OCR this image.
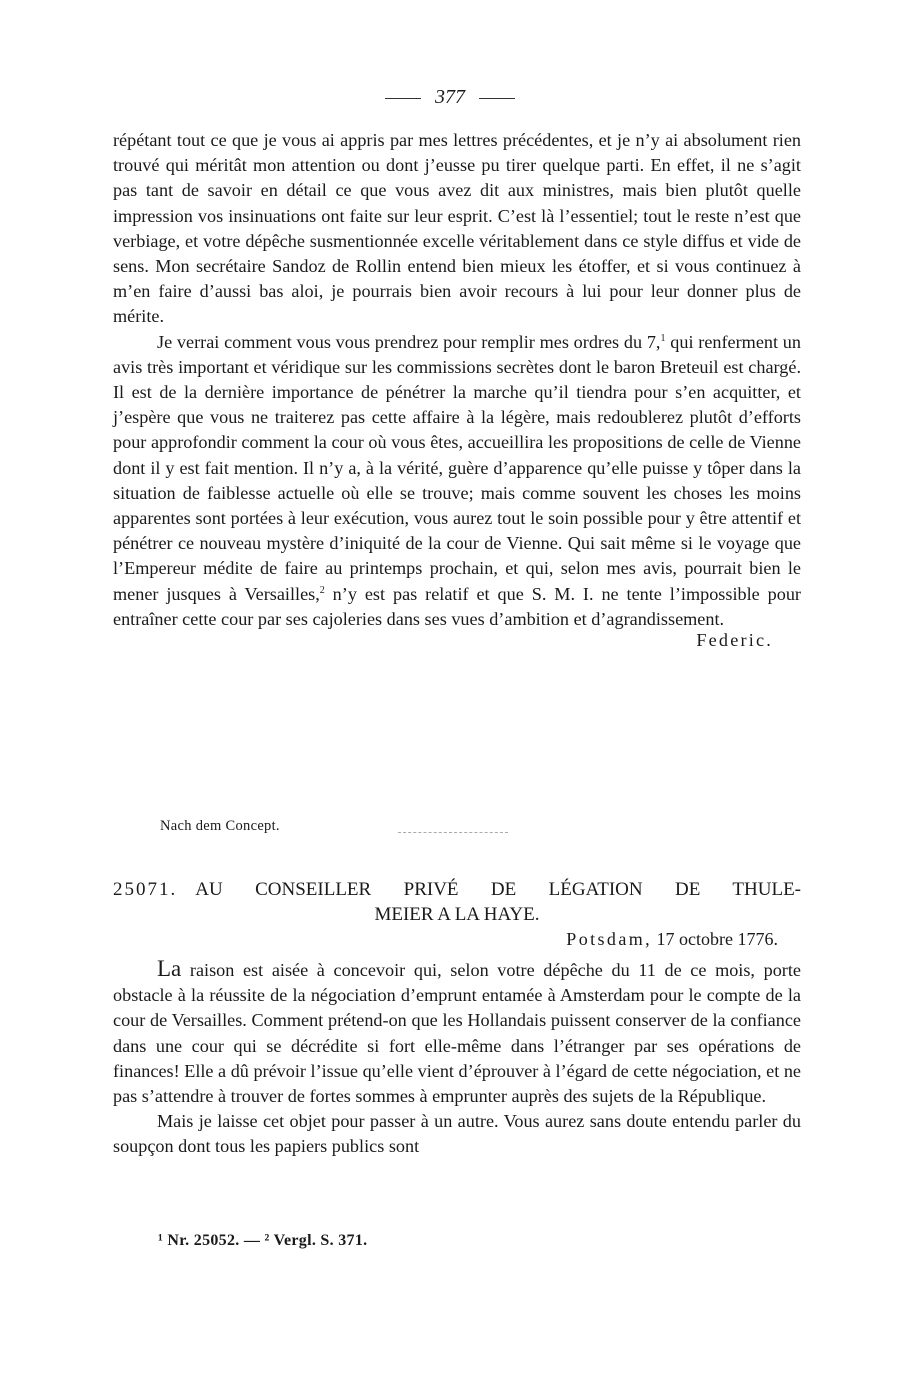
377

répétant tout ce que je vous ai appris par mes lettres précédentes, et je n’y ai absolument rien trouvé qui méritât mon attention ou dont j’eusse pu tirer quelque parti. En effet, il ne s’agit pas tant de savoir en détail ce que vous avez dit aux ministres, mais bien plutôt quelle impression vos insinuations ont faite sur leur esprit. C’est là l’essentiel; tout le reste n’est que verbiage, et votre dépêche susmentionnée excelle véritablement dans ce style diffus et vide de sens. Mon secrétaire Sandoz de Rollin entend bien mieux les étoffer, et si vous continuez à m’en faire d’aussi bas aloi, je pourrais bien avoir recours à lui pour leur donner plus de mérite.

Je verrai comment vous vous prendrez pour remplir mes ordres du 7,$^1$ qui renferment un avis très important et véridique sur les commissions secrètes dont le baron Breteuil est chargé. Il est de la dernière importance de pénétrer la marche qu’il tiendra pour s’en acquitter, et j’espère que vous ne traiterez pas cette affaire à la légère, mais redoublerez plutôt d’efforts pour approfondir comment la cour où vous êtes, accueillira les propositions de celle de Vienne dont il y est fait mention. Il n’y a, à la vérité, guère d’apparence qu’elle puisse y tôper dans la situation de faiblesse actuelle où elle se trouve; mais comme souvent les choses les moins apparentes sont portées à leur exécution, vous aurez tout le soin possible pour y être attentif et pénétrer ce nouveau mystère d’iniquité de la cour de Vienne. Qui sait même si le voyage que l’Empereur médite de faire au printemps prochain, et qui, selon mes avis, pourrait bien le mener jusques à Versailles,$^2$ n’y est pas relatif et que S. M. I. ne tente l’impossible pour entraîner cette cour par ses cajoleries dans ses vues d’ambition et d’agrandissement.

Federic.
Nach dem Concept.
25071. AU CONSEILLER PRIVÉ DE LÉGATION DE THULE-
MEIER A LA HAYE.
Potsdam, 17 octobre 1776.

La raison est aisée à concevoir qui, selon votre dépêche du 11 de ce mois, porte obstacle à la réussite de la négociation d’emprunt entamée à Amsterdam pour le compte de la cour de Versailles. Comment prétend-on que les Hollandais puissent conserver de la confiance dans une cour qui se décrédite si fort elle-même dans l’étranger par ses opérations de finances! Elle a dû prévoir l’issue qu’elle vient d’éprouver à l’égard de cette négociation, et ne pas s’attendre à trouver de fortes sommes à emprunter auprès des sujets de la République.

Mais je laisse cet objet pour passer à un autre. Vous aurez sans doute entendu parler du soupçon dont tous les papiers publics sont

¹ Nr. 25052. — ² Vergl. S. 371.
